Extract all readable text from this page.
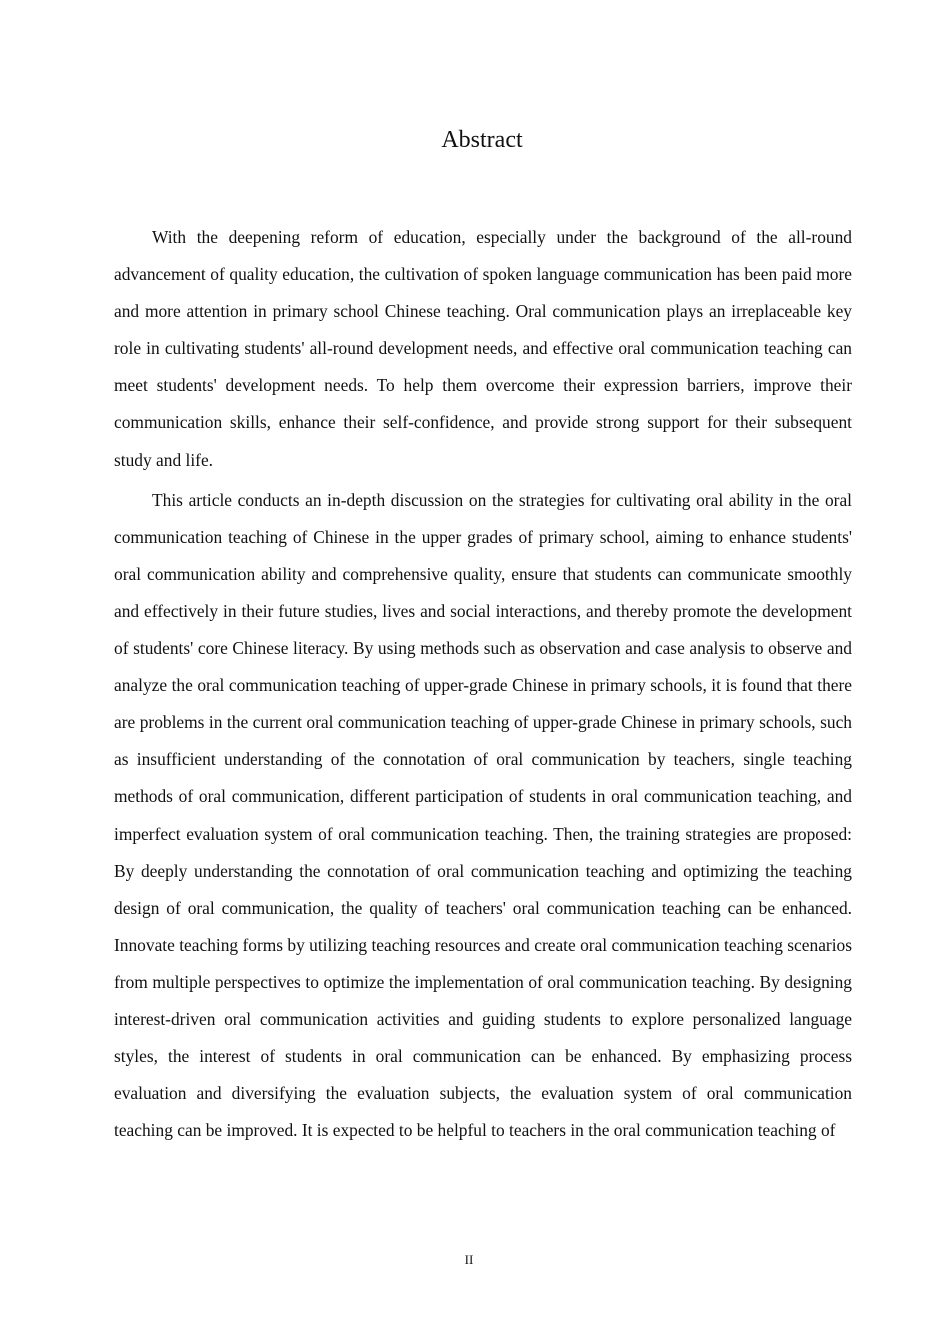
Abstract

With the deepening reform of education, especially under the background of the all-round advancement of quality education, the cultivation of spoken language communication has been paid more and more attention in primary school Chinese teaching. Oral communication plays an irreplaceable key role in cultivating students' all-round development needs, and effective oral communication teaching can meet students' development needs. To help them overcome their expression barriers, improve their communication skills, enhance their self-confidence, and provide strong support for their subsequent study and life.

This article conducts an in-depth discussion on the strategies for cultivating oral ability in the oral communication teaching of Chinese in the upper grades of primary school, aiming to enhance students' oral communication ability and comprehensive quality, ensure that students can communicate smoothly and effectively in their future studies, lives and social interactions, and thereby promote the development of students' core Chinese literacy. By using methods such as observation and case analysis to observe and analyze the oral communication teaching of upper-grade Chinese in primary schools, it is found that there are problems in the current oral communication teaching of upper-grade Chinese in primary schools, such as insufficient understanding of the connotation of oral communication by teachers, single teaching methods of oral communication, different participation of students in oral communication teaching, and imperfect evaluation system of oral communication teaching. Then, the training strategies are proposed: By deeply understanding the connotation of oral communication teaching and optimizing the teaching design of oral communication, the quality of teachers' oral communication teaching can be enhanced. Innovate teaching forms by utilizing teaching resources and create oral communication teaching scenarios from multiple perspectives to optimize the implementation of oral communication teaching. By designing interest-driven oral communication activities and guiding students to explore personalized language styles, the interest of students in oral communication can be enhanced. By emphasizing process evaluation and diversifying the evaluation subjects, the evaluation system of oral communication teaching can be improved. It is expected to be helpful to teachers in the oral communication teaching of

II
